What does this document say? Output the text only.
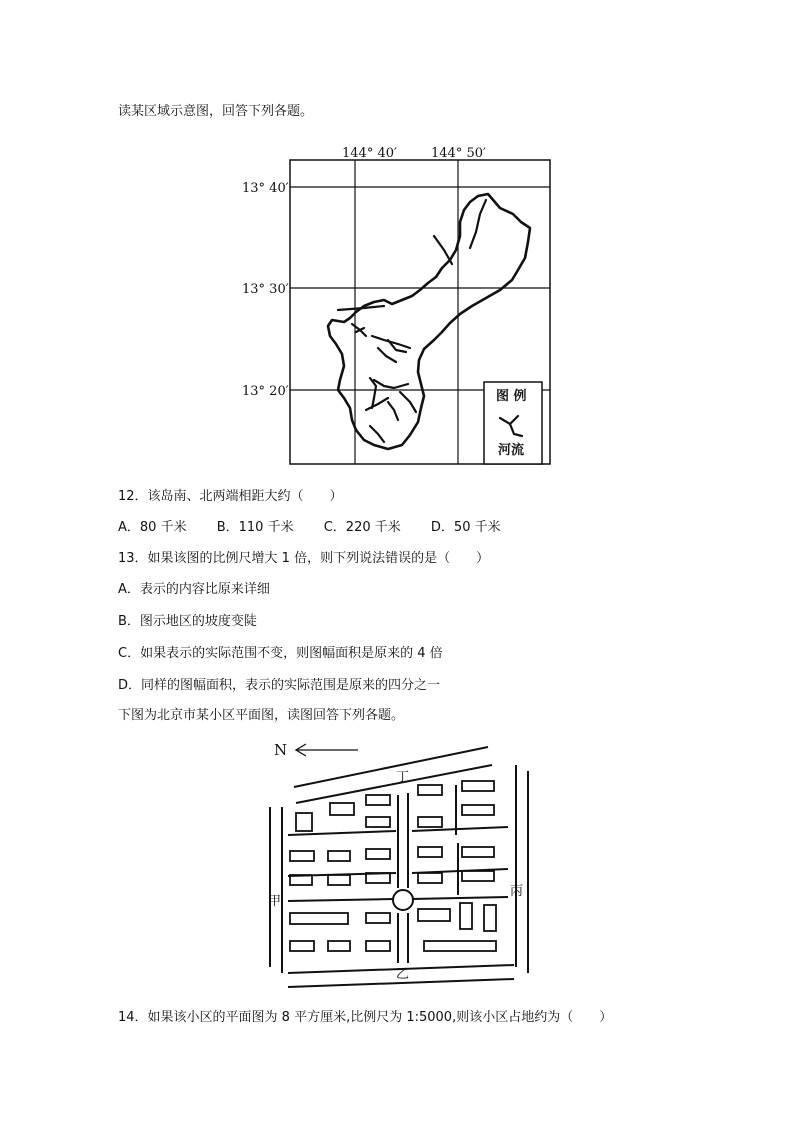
读某区域示意图，回答下列各题。
144° 40′	144° 50′
13° 40′
13° 30′
13° 20′	图 例
河流
12．该岛南、北两端相距大约（　　）
A．80 千米 B．110 千米 C．220 千米 D．50 千米
13．如果该图的比例尺增大 1 倍，则下列说法错误的是（　　）
A．表示的内容比原来详细
B．图示地区的坡度变陡
C．如果表示的实际范围不变，则图幅面积是原来的 4 倍
D．同样的图幅面积，表示的实际范围是原来的四分之一
下图为北京市某小区平面图，读图回答下列各题。
N
丁
甲
丙
乙
14．如果该小区的平面图为 8 平方厘米,比例尺为 1:5000,则该小区占地约为（　　）
